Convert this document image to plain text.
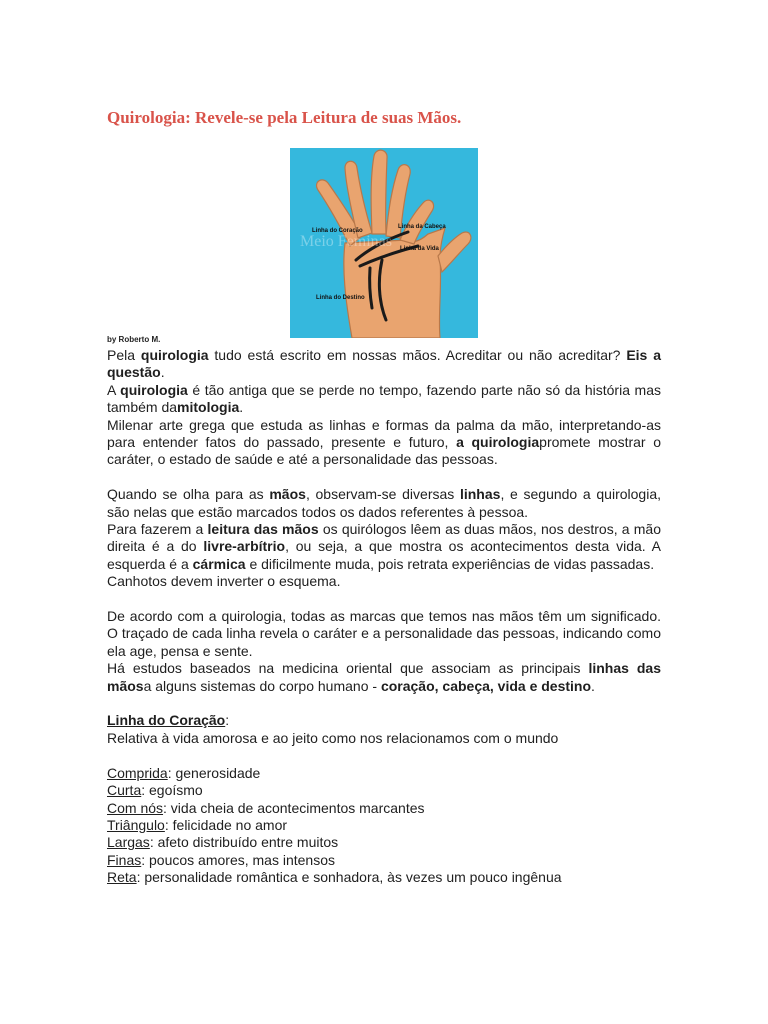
Quirologia: Revele-se pela Leitura de suas Mãos.
Meio Feminas
Linha do Coração
Linha da Cabeça
Linha da Vida
Linha do Destino
by Roberto M.

Pela quirologia tudo está escrito em nossas mãos. Acreditar ou não acreditar? Eis a questão.

A quirologia é tão antiga que se perde no tempo, fazendo parte não só da história mas também damitologia.

Milenar arte grega que estuda as linhas e formas da palma da mão, interpretando-as para entender fatos do passado, presente e futuro, a quirologiapromete mostrar o caráter, o estado de saúde e até a personalidade das pessoas.

Quando se olha para as mãos, observam-se diversas linhas, e segundo a quirologia, são nelas que estão marcados todos os dados referentes à pessoa.

Para fazerem a leitura das mãos os quirólogos lêem as duas mãos, nos destros, a mão direita é a do livre-arbítrio, ou seja, a que mostra os acontecimentos desta vida. A esquerda é a cármica e dificilmente muda, pois retrata experiências de vidas passadas.

Canhotos devem inverter o esquema.

De acordo com a quirologia, todas as marcas que temos nas mãos têm um significado. O traçado de cada linha revela o caráter e a personalidade das pessoas, indicando como ela age, pensa e sente.

Há estudos baseados na medicina oriental que associam as principais linhas das mãosa alguns sistemas do corpo humano - coração, cabeça, vida e destino.

Linha do Coração:

Relativa à vida amorosa e ao jeito como nos relacionamos com o mundo

Comprida: generosidade

Curta: egoísmo

Com nós: vida cheia de acontecimentos marcantes

Triângulo: felicidade no amor

Largas: afeto distribuído entre muitos

Finas: poucos amores, mas intensos

Reta: personalidade romântica e sonhadora, às vezes um pouco ingênua
